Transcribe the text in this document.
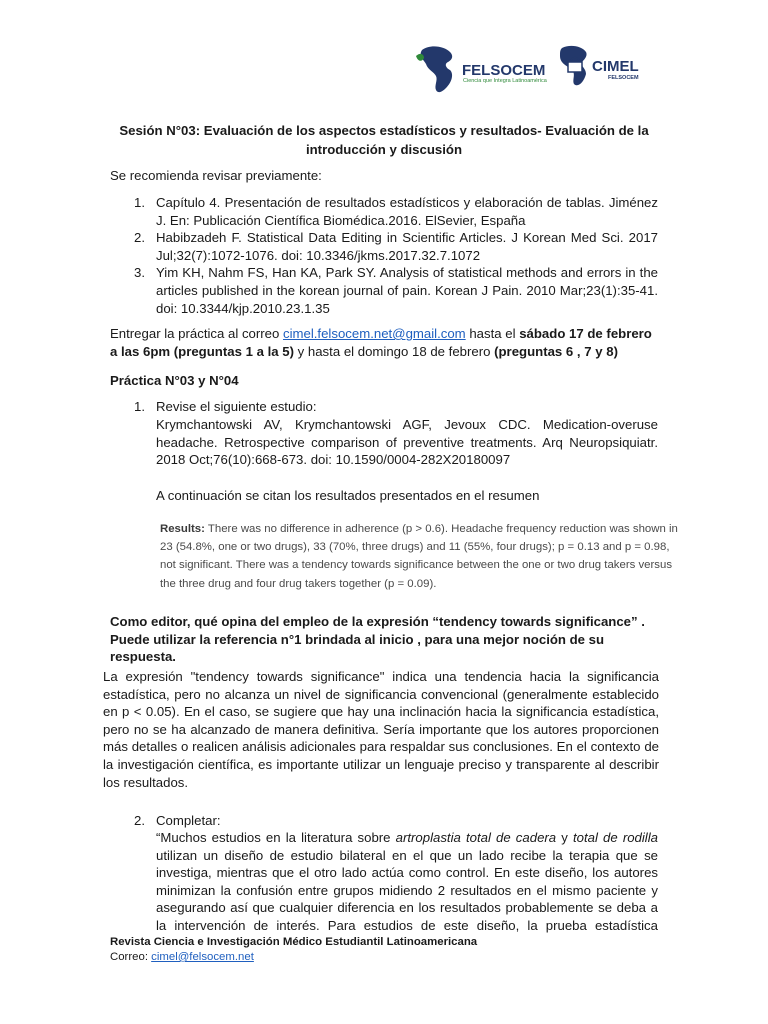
FELSOCEM
Ciencia que Integra Latinoamérica
CIMEL
FELSOCEM
Sesión N°03: Evaluación de los aspectos estadísticos y resultados- Evaluación de la introducción y discusión
Se recomienda revisar previamente:
1. Capítulo 4. Presentación de resultados estadísticos y elaboración de tablas. Jiménez J. En: Publicación Científica Biomédica.2016. ElSevier, España
2. Habibzadeh F. Statistical Data Editing in Scientific Articles. J Korean Med Sci. 2017 Jul;32(7):1072-1076. doi: 10.3346/jkms.2017.32.7.1072
3. Yim KH, Nahm FS, Han KA, Park SY. Analysis of statistical methods and errors in the articles published in the korean journal of pain. Korean J Pain. 2010 Mar;23(1):35-41. doi: 10.3344/kjp.2010.23.1.35
Entregar la práctica al correo cimel.felsocem.net@gmail.com hasta el sábado 17 de febrero a las 6pm (preguntas 1 a la 5) y hasta el domingo 18 de febrero (preguntas 6 , 7 y 8)
Práctica N°03 y N°04
1. Revise el siguiente estudio:
Krymchantowski AV, Krymchantowski AGF, Jevoux CDC. Medication-overuse headache. Retrospective comparison of preventive treatments. Arq Neuropsiquiatr. 2018 Oct;76(10):668-673. doi: 10.1590/0004-282X20180097
A continuación se citan los resultados presentados en el resumen
Results: There was no difference in adherence (p > 0.6). Headache frequency reduction was shown in
23 (54.8%, one or two drugs), 33 (70%, three drugs) and 11 (55%, four drugs); p = 0.13 and p = 0.98,
not significant. There was a tendency towards significance between the one or two drug takers versus
the three drug and four drug takers together (p = 0.09).
Como editor, qué opina del empleo de la expresión “tendency towards significance” . Puede utilizar la referencia n°1 brindada al inicio , para una mejor noción de su respuesta.
La expresión "tendency towards significance" indica una tendencia hacia la significancia estadística, pero no alcanza un nivel de significancia convencional (generalmente establecido en p < 0.05). En el caso, se sugiere que hay una inclinación hacia la significancia estadística, pero no se ha alcanzado de manera definitiva. Sería importante que los autores proporcionen más detalles o realicen análisis adicionales para respaldar sus conclusiones. En el contexto de la investigación científica, es importante utilizar un lenguaje preciso y transparente al describir los resultados.
2. Completar:
“Muchos estudios en la literatura sobre artroplastia total de cadera y total de rodilla utilizan un diseño de estudio bilateral en el que un lado recibe la terapia que se investiga, mientras que el otro lado actúa como control. En este diseño, los autores minimizan la confusión entre grupos midiendo 2 resultados en el mismo paciente y asegurando así que cualquier diferencia en los resultados probablemente se deba a la intervención de interés. Para estudios de este diseño, la prueba estadística
Revista Ciencia e Investigación Médico Estudiantil Latinoamericana
Correo: cimel@felsocem.net
